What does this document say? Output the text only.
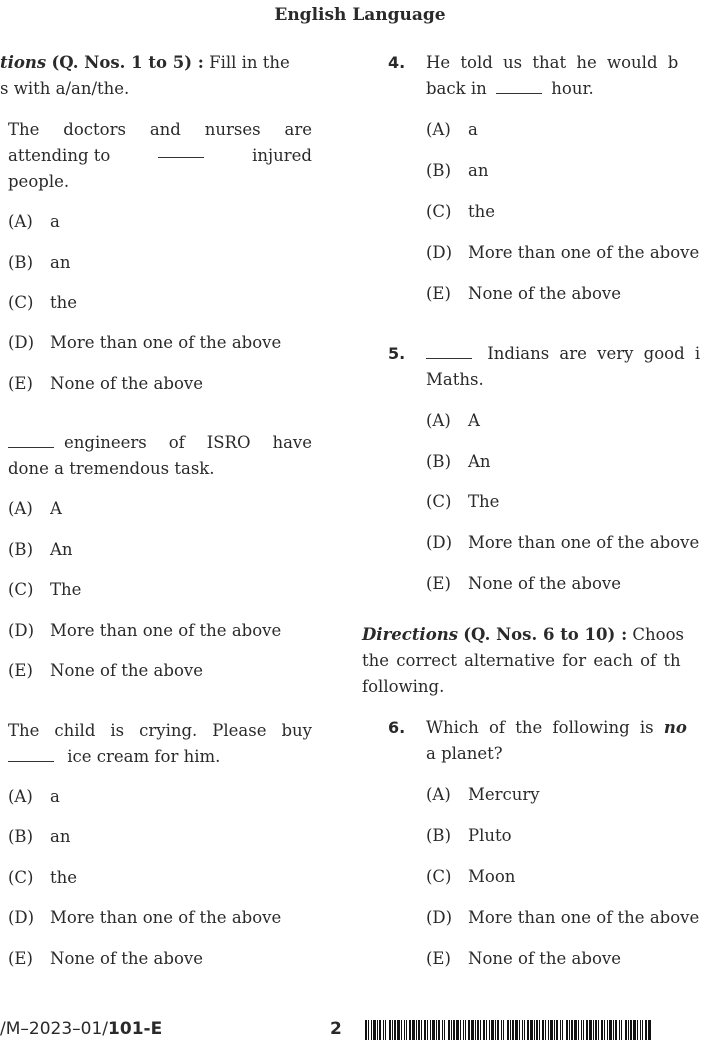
English Language

tions (Q. Nos. 1 to 5) : Fill in the
s with a/an/the.

The doctors and nurses are
attending to	injured
people.
(A) a
(B) an
(C) the
(D) More than one of the above
(E) None of the above
engineers of ISRO have
done a tremendous task.
(A) A
(B) An
(C) The
(D) More than one of the above
(E) None of the above
The child is crying. Please buy
ice cream for him.
(A) a
(B) an
(C) the
(D) More than one of the above
(E) None of the above
4. He told us that he would b
back in	hour.
(A) a
(B) an
(C) the
(D) More than one of the above
(E) None of the above
5.	Indians are very good i
Maths.
(A) A
(B) An
(C) The
(D) More than one of the above
(E) None of the above
Directions (Q. Nos. 6 to 10) : Choos
the correct alternative for each of th
following.
6. Which of the following is no
a planet?
(A) Mercury
(B) Pluto
(C) Moon
(D) More than one of the above
(E) None of the above
/M–2023–01/101-E	2
